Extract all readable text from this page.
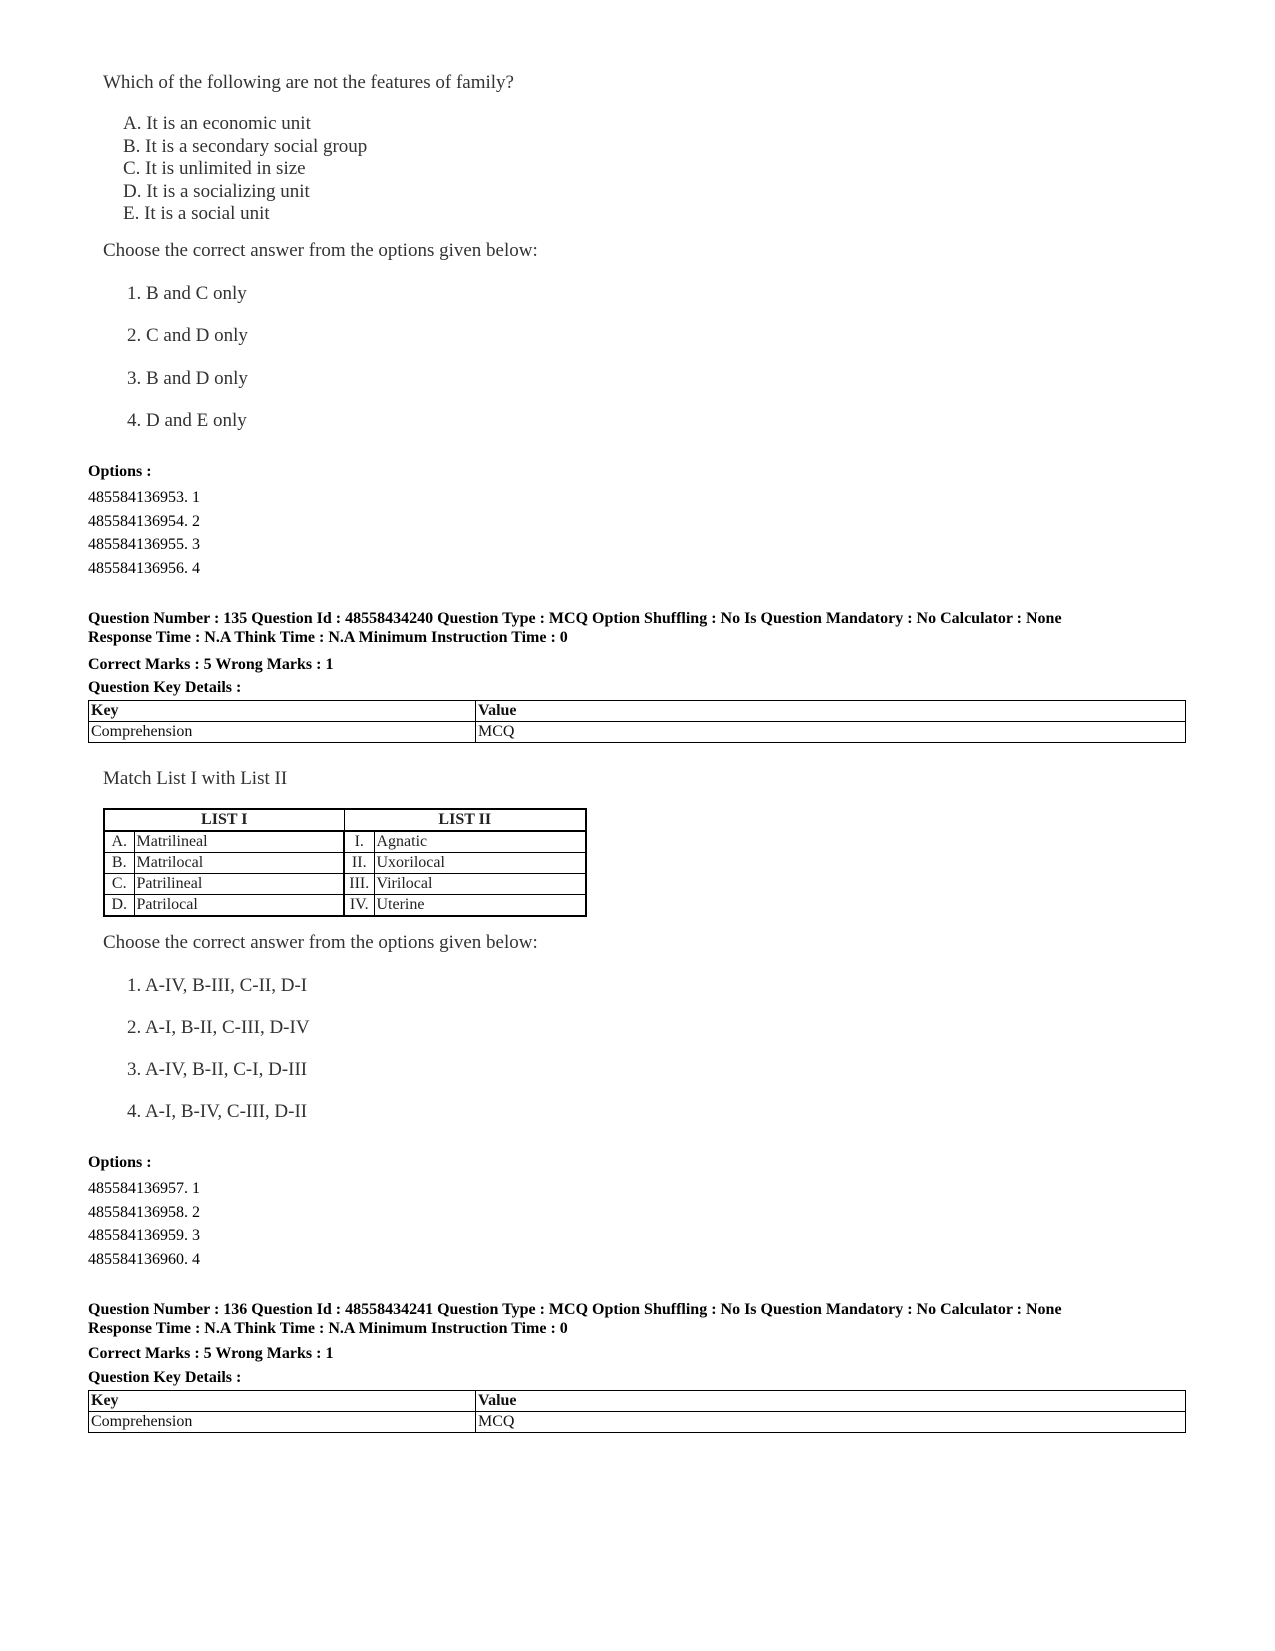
Which of the following are not the features of family?
A. It is an economic unit
B. It is a secondary social group
C. It is unlimited in size
D. It is a socializing unit
E. It is a social unit
Choose the correct answer from the options given below:
1. B and C only
2. C and D only
3. B and D only
4. D and E only
Options :
485584136953. 1
485584136954. 2
485584136955. 3
485584136956. 4
Question Number : 135 Question Id : 48558434240 Question Type : MCQ Option Shuffling : No Is Question Mandatory : No Calculator : None
Response Time : N.A Think Time : N.A Minimum Instruction Time : 0
Correct Marks : 5 Wrong Marks : 1
Question Key Details :
Key	Value
Comprehension	MCQ
Match List I with List II
LIST I		LIST II	
A.	Matrilineal	I.	Agnatic
B.	Matrilocal	II.	Uxorilocal
C.	Patrilineal	III.	Virilocal
D.	Patrilocal	IV.	Uterine
Choose the correct answer from the options given below:
1. A-IV, B-III, C-II, D-I
2. A-I, B-II, C-III, D-IV
3. A-IV, B-II, C-I, D-III
4. A-I, B-IV, C-III, D-II
Options :
485584136957. 1
485584136958. 2
485584136959. 3
485584136960. 4
Question Number : 136 Question Id : 48558434241 Question Type : MCQ Option Shuffling : No Is Question Mandatory : No Calculator : None
Response Time : N.A Think Time : N.A Minimum Instruction Time : 0
Correct Marks : 5 Wrong Marks : 1
Question Key Details :
Key	Value
Comprehension	MCQ
